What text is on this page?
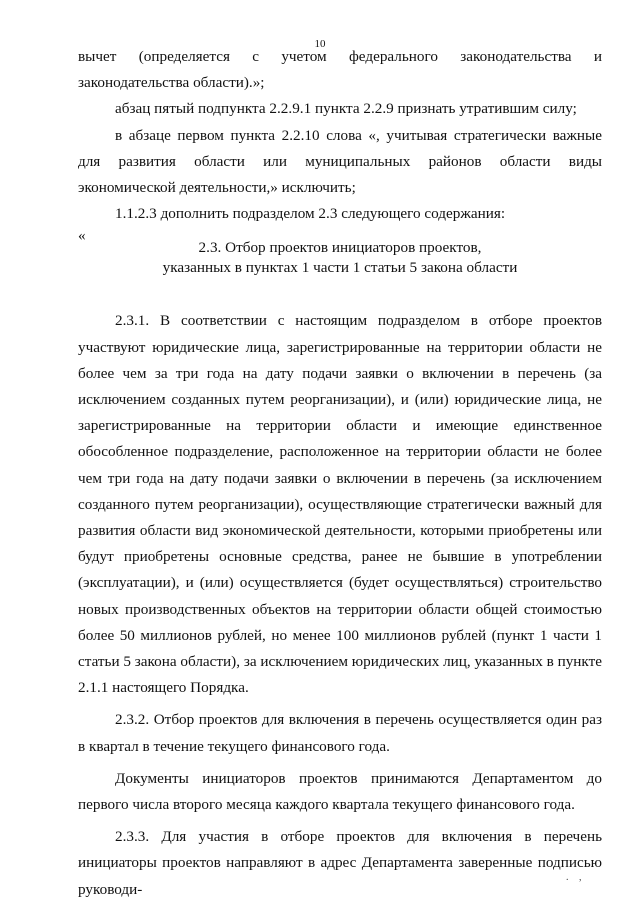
10

вычет (определяется с учетом федерального законодательства и законодательства области).»;

абзац пятый подпункта 2.2.9.1 пункта 2.2.9 признать утратившим силу;

в абзаце первом пункта 2.2.10 слова «, учитывая стратегически важные для развития области или муниципальных районов области виды экономической деятельности,» исключить;

1.1.2.3 дополнить подразделом 2.3 следующего содержания:

«
2.3. Отбор проектов инициаторов проектов,
указанных в пунктах 1 части 1 статьи 5 закона области

2.3.1. В соответствии с настоящим подразделом в отборе проектов участвуют юридические лица, зарегистрированные на территории области не более чем за три года на дату подачи заявки о включении в перечень (за исключением созданных путем реорганизации), и (или) юридические лица, не зарегистрированные на территории области и имеющие единственное обособленное подразделение, расположенное на территории области не более чем три года на дату подачи заявки о включении в перечень (за исключением созданного путем реорганизации), осуществляющие стратегически важный для развития области вид экономической деятельности, которыми приобретены или будут приобретены основные средства, ранее не бывшие в употреблении (эксплуатации), и (или) осуществляется (будет осуществляться) строительство новых производственных объектов на территории области общей стоимостью более 50 миллионов рублей, но менее 100 миллионов рублей (пункт 1 части 1 статьи 5 закона области), за исключением юридических лиц, указанных в пункте 2.1.1 настоящего Порядка.

2.3.2. Отбор проектов для включения в перечень осуществляется один раз в квартал в течение текущего финансового года.

Документы инициаторов проектов принимаются Департаментом до первого числа второго месяца каждого квартала текущего финансового года.

2.3.3. Для участия в отборе проектов для включения в перечень инициаторы проектов направляют в адрес Департамента заверенные подписью руководи-

. ,
